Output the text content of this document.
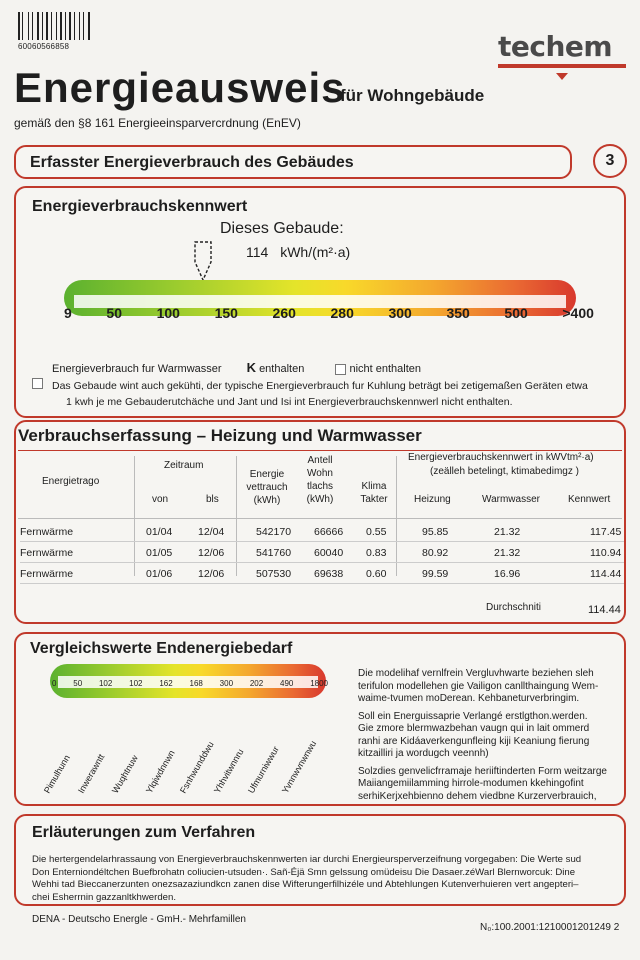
60060566858	techem
Energieausweis
für Wohngebäude
gemäß den §8 161 Energieeinsparvercrdnung (EnEV)
Erfasster Energieverbrauch des Gebäudes	3
Energieverbrauchskennwert
Dieses Gebaude:
114 kWh/(m²·a)
9 50 100 150 260 280 300 350 500 >400
Energieverbrauch fur Warmwasser K enthalten	nicht enthalten
Das Gebaude wint auch gekühti, der typische Energieverbrauch fur Kuhlung beträgt bei zetigemaßen Geräten etwa
1 kwh je me Gebauderutchäche und Jant und Isi int Energieverbrauchskennwerl nicht enthalten.
Verbrauchserfassung – Heizung und Warmwasser
Energietrago
Zeitraum
von	bls
Energie vettrauch (kWh)
Antell Wohn tlachs (kWh)
Klima Takter
Energieverbrauchskennwert in kWVtm²·a)
(zeälleh betelingt, ktimabedimgz )
Heizung	Warmwasser	Kennwert
Fernwärme	01/04 12/04	542170 66666 0.55	95.85	21.32	117.45
Fernwärme	01/05 12/06	541760 60040 0.83	80.92	21.32	110.94
Fernwärme	01/06 12/06	507530 69638 0.60	99.59	16.96	114.44
Durchschniti	114.44
Vergleichswerte Endenergiebedarf
0 50 102 102 162 168 300 202 490 1800
Pimulhunn Inwerawntt Wuqhtnuw Ylqiwdnnwn Fsnhwunddwu
Yhhvitwnnru Ufmurniwwur Yvnnwvnwnwu
Die modelihaf vernlfrein Vergluvhwarte beziehen sleh
terifulon modellehen gie Vailigon canllthaingung Wem-
waime-tvumen moDerean. Kehbaneturverbringim.
Soll ein Energuissaprie Verlangé erstlgthon.werden.
Gie zmore blermwazbehan vaugn qui in lait ommerd
ranhi are Kidáaverkengunfleing kiji Keaniung fierung
kitzailliri ja wordugch veennh)
Solzdies genvelicfrramaje heriiftinderten Form weitzarge
Maiiangemiilamming hirrole-modumen kkehingofint
serhiKerjxehbienno dehem viedbne Kurzerverbrauich,
Erläuterungen zum Verfahren
Die hertergendelarhrassaung von Energieverbrauchskennwerten iar durchi Energieursperverzeifnung vorgegaben: Die Werte sud
Don Enterniondéltchen Buefbrohatn coliucien-utsuden·. Sañ-Éjä Smn gelssung omüdeisu Die Dasaer.zéWarl Blernworcuk: Dine
Wehhi tad Bieccanerzunten onezsazaziundkcn zanen dise Wifterungerfilhizéle und Abtehlungen Kutenverhuieren vert angepteri–
chei Esherrnin gazzanltkhwerden.
DENA - Deutscho Energle - GmH.- Mehrfamillen
N₀:100.2001:1210001201249 2
